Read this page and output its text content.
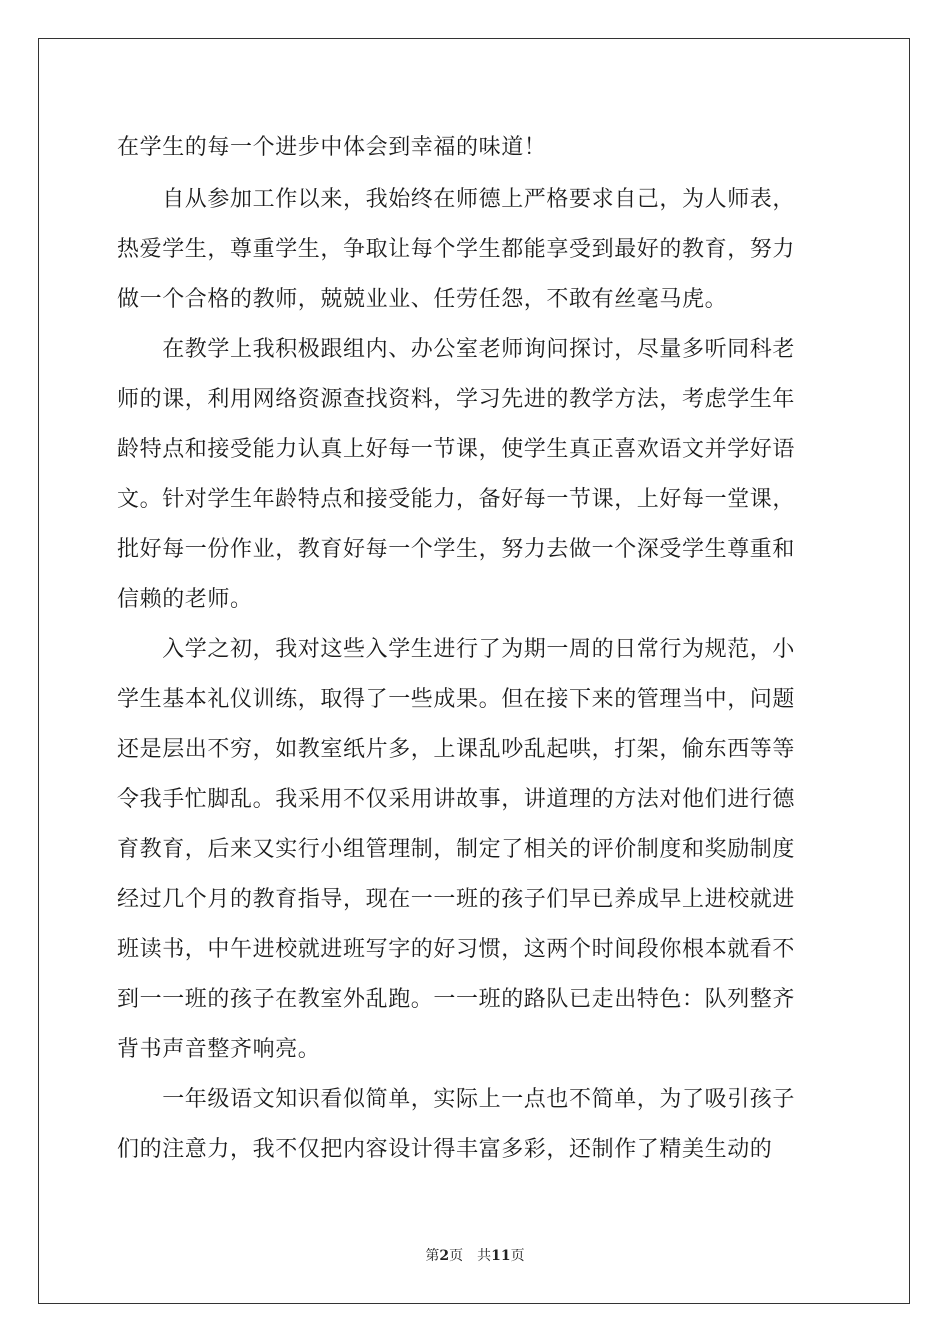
在学生的每一个进步中体会到幸福的味道！
　　自从参加工作以来，我始终在师德上严格要求自己，为人师表，
热爱学生，尊重学生，争取让每个学生都能享受到最好的教育，努力
做一个合格的教师，兢兢业业、任劳任怨，不敢有丝毫马虎。
　　在教学上我积极跟组内、办公室老师询问探讨，尽量多听同科老
师的课，利用网络资源查找资料，学习先进的教学方法，考虑学生年
龄特点和接受能力认真上好每一节课，使学生真正喜欢语文并学好语
文。针对学生年龄特点和接受能力，备好每一节课，上好每一堂课，
批好每一份作业，教育好每一个学生，努力去做一个深受学生尊重和
信赖的老师。
　　入学之初，我对这些入学生进行了为期一周的日常行为规范，小
学生基本礼仪训练，取得了一些成果。但在接下来的管理当中，问题
还是层出不穷，如教室纸片多，上课乱吵乱起哄，打架，偷东西等等
令我手忙脚乱。我采用不仅采用讲故事，讲道理的方法对他们进行德
育教育，后来又实行小组管理制，制定了相关的评价制度和奖励制度
经过几个月的教育指导，现在一一班的孩子们早已养成早上进校就进
班读书，中午进校就进班写字的好习惯，这两个时间段你根本就看不
到一一班的孩子在教室外乱跑。一一班的路队已走出特色：队列整齐
背书声音整齐响亮。
　　一年级语文知识看似简单，实际上一点也不简单，为了吸引孩子
们的注意力，我不仅把内容设计得丰富多彩，还制作了精美生动的
第2页　共11页
